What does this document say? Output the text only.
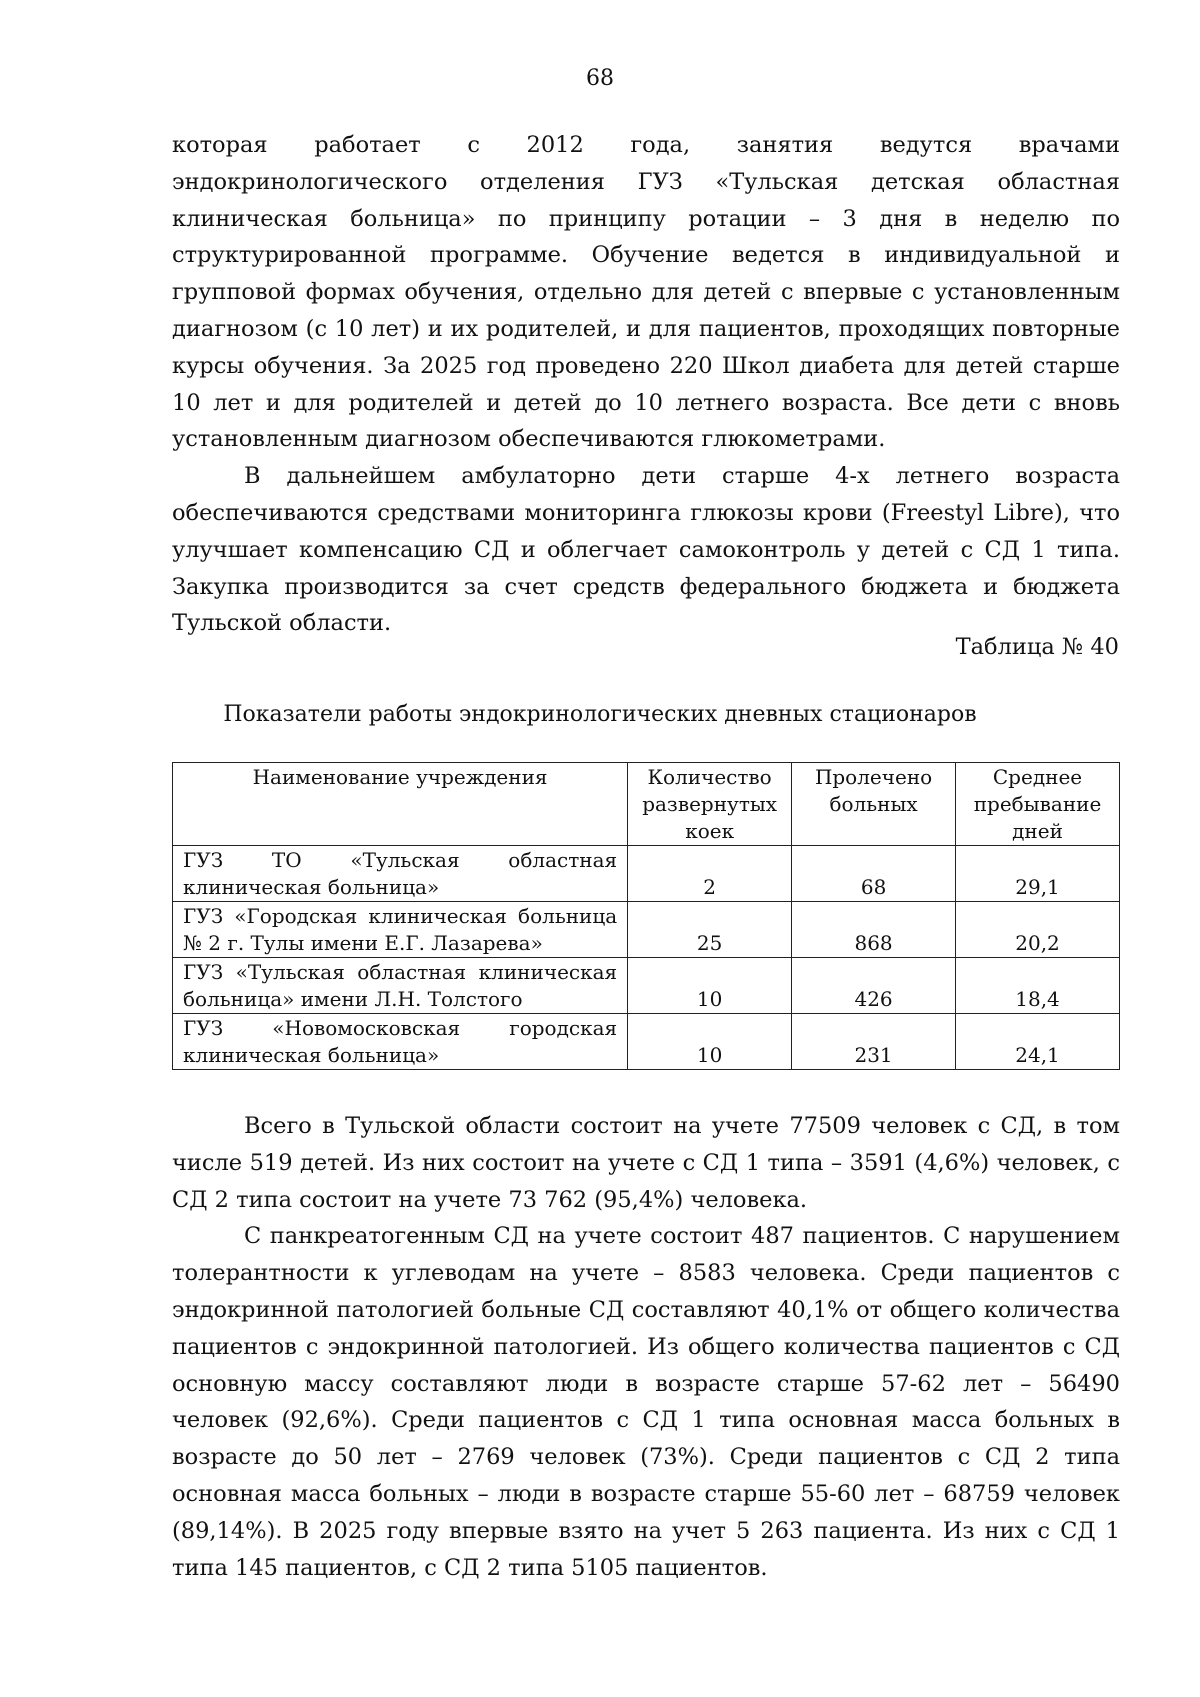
68

которая работает с 2012 года, занятия ведутся врачами эндокринологического отделения ГУЗ «Тульская детская областная клиническая больница» по принципу ротации – 3 дня в неделю по структурированной программе. Обучение ведется в индивидуальной и групповой формах обучения, отдельно для детей с впервые с установленным диагнозом (с 10 лет) и их родителей, и для пациентов, проходящих повторные курсы обучения. За 2025 год проведено 220 Школ диабета для детей старше 10 лет и для родителей и детей до 10 летнего возраста. Все дети с вновь установленным диагнозом обеспечиваются глюкометрами.

В дальнейшем амбулаторно дети старше 4-х летнего возраста обеспечиваются средствами мониторинга глюкозы крови (Freestyl Libre), что улучшает компенсацию СД и облегчает самоконтроль у детей с СД 1 типа. Закупка производится за счет средств федерального бюджета и бюджета Тульской области.

Таблица № 40
Показатели работы эндокринологических дневных стационаров
Наименование учреждения	Количество развернутых коек	Пролечено больных	Среднее пребывание дней
ГУЗ ТО «Тульская областная клиническая больница»	2	68	29,1
ГУЗ «Городская клиническая больница № 2 г. Тулы имени Е.Г. Лазарева»	25	868	20,2
ГУЗ «Тульская областная клиническая больница» имени Л.Н. Толстого	10	426	18,4
ГУЗ «Новомосковская городская клиническая больница»	10	231	24,1

Всего в Тульской области состоит на учете 77509 человек с СД, в том числе 519 детей. Из них состоит на учете с СД 1 типа – 3591 (4,6%) человек, с СД 2 типа состоит на учете 73 762 (95,4%) человека.

С панкреатогенным СД на учете состоит 487 пациентов. С нарушением толерантности к углеводам на учете – 8583 человека. Среди пациентов с эндокринной патологией больные СД составляют 40,1% от общего количества пациентов с эндокринной патологией. Из общего количества пациентов с СД основную массу составляют люди в возрасте старше 57-62 лет – 56490 человек (92,6%). Среди пациентов с СД 1 типа основная масса больных в возрасте до 50 лет – 2769 человек (73%). Среди пациентов с СД 2 типа основная масса больных – люди в возрасте старше 55-60 лет – 68759 человек (89,14%). В 2025 году впервые взято на учет 5 263 пациента. Из них с СД 1 типа 145 пациентов, с СД 2 типа 5105 пациентов.
